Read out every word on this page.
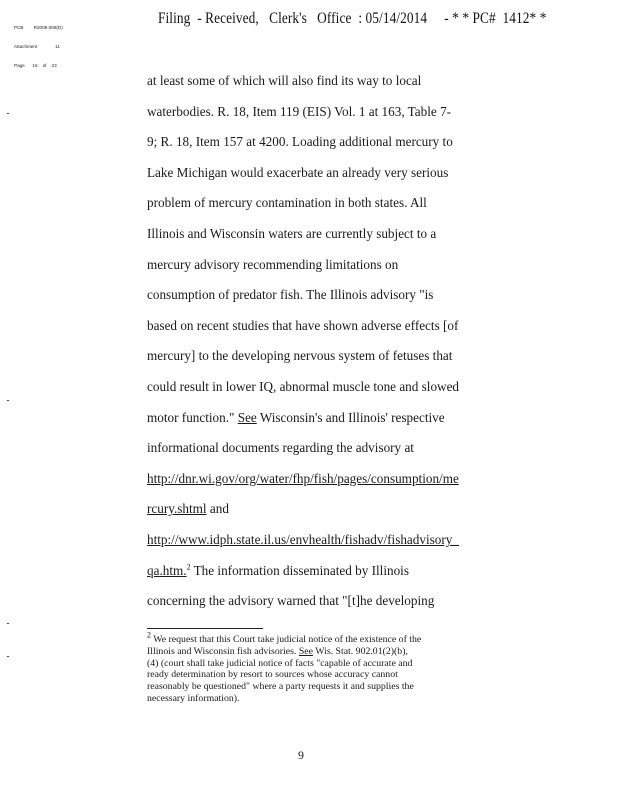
PCB        R2008-008(D)

Attachment              11

Page      16    of    23

Filing  - Received,   Clerk's   Office  : 05/14/2014     - * * PC#  1412* *
at least some of which will also find its way to local
waterbodies. R. 18, Item 119 (EIS) Vol. 1 at 163, Table 7-
9; R. 18, Item 157 at 4200. Loading additional mercury to
Lake Michigan would exacerbate an already very serious
problem of mercury contamination in both states. All
Illinois and Wisconsin waters are currently subject to a
mercury advisory recommending limitations on
consumption of predator fish. The Illinois advisory "is
based on recent studies that have shown adverse effects [of
mercury] to the developing nervous system of fetuses that
could result in lower IQ, abnormal muscle tone and slowed
motor function." See Wisconsin's and Illinois' respective
informational documents regarding the advisory at
http://dnr.wi.gov/org/water/fhp/fish/pages/consumption/me
rcury.shtml and
http://www.idph.state.il.us/envhealth/fishadv/fishadvisory_
qa.htm.$^2$ The information disseminated by Illinois
concerning the advisory warned that "[t]he developing
$^2$ We request that this Court take judicial notice of the existence of the
Illinois and Wisconsin fish advisories. See Wis. Stat. 902.01(2)(b),
(4) (court shall take judicial notice of facts "capable of accurate and
ready determination by resort to sources whose accuracy cannot
reasonably be questioned" where a party requests it and supplies the
necessary information).
9
